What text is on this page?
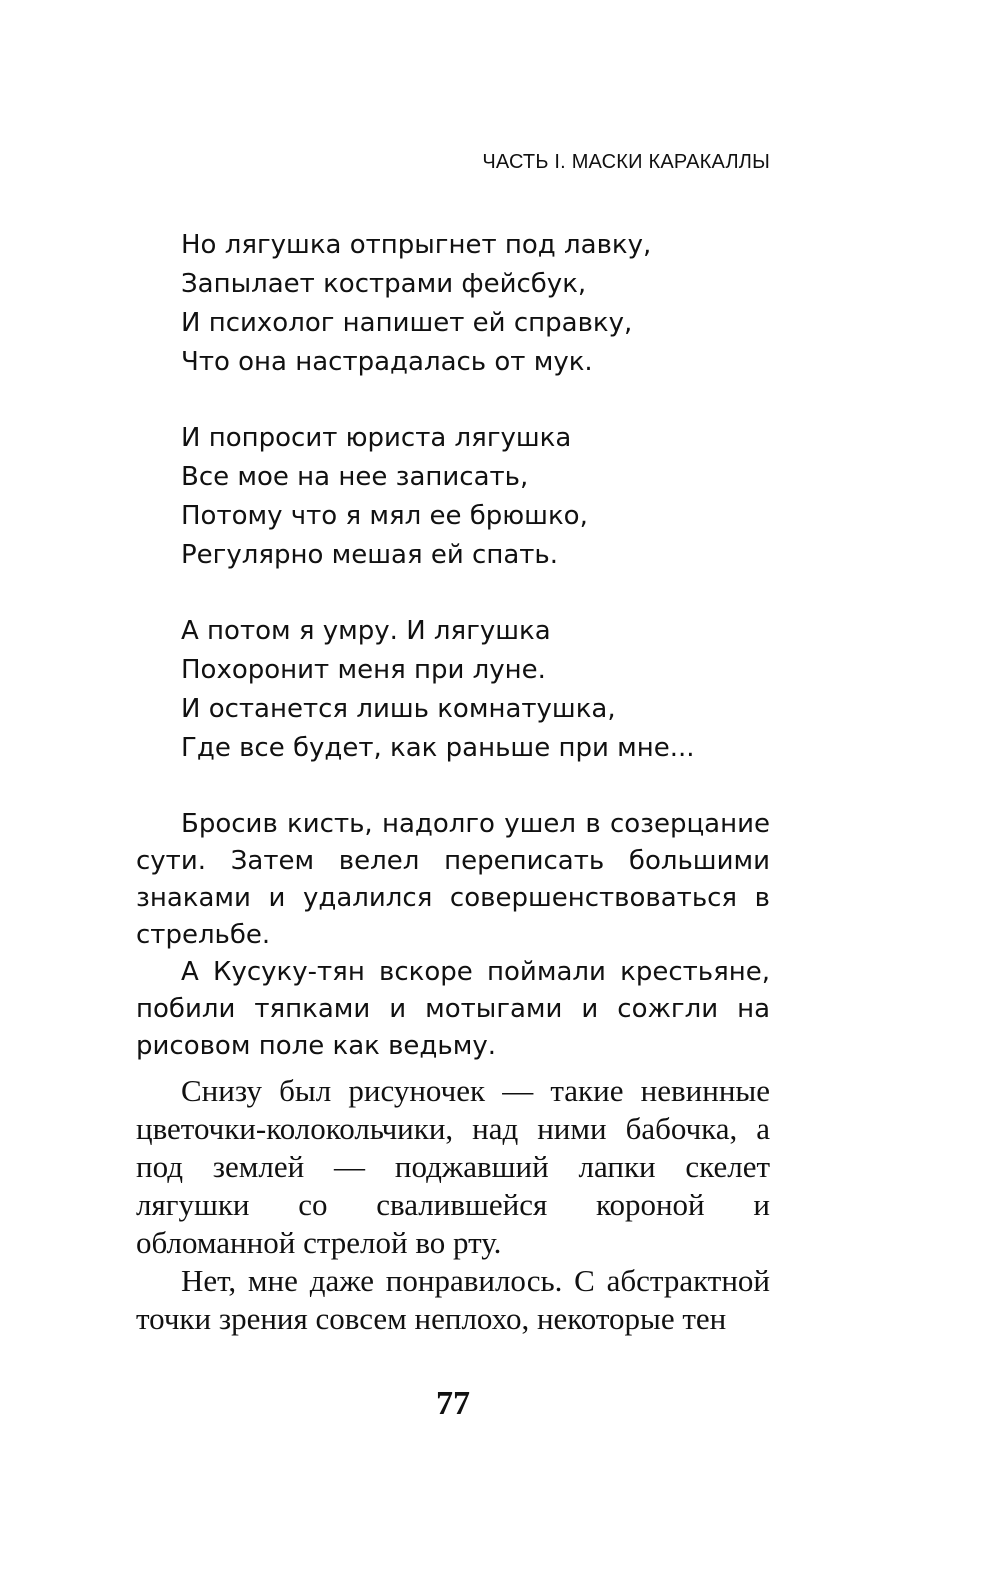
ЧАСТЬ I. МАСКИ КАРАКАЛЛЫ
Но лягушка отпрыгнет под лавку,
Запылает кострами фейсбук,
И психолог напишет ей справку,
Что она настрадалась от мук.
И попросит юриста лягушка
Все мое на нее записать,
Потому что я мял ее брюшко,
Регулярно мешая ей спать.
А потом я умру. И лягушка
Похоронит меня при луне.
И останется лишь комнатушка,
Где все будет, как раньше при мне...

Бросив кисть, надолго ушел в созерцание сути. Затем велел переписать большими знаками и удалился совершенствоваться в стрельбе.

А Кусуку-тян вскоре поймали крестьяне, побили тяпками и мотыгами и сожгли на рисовом поле как ведьму.

Снизу был рисуночек — такие невинные цветочки-колокольчики, над ними бабочка, а под землей — поджавший лапки скелет лягушки со свалившейся короной и обломанной стрелой во рту.

Нет, мне даже понравилось. С абстрактной точки зрения совсем неплохо, некоторые тен

77
